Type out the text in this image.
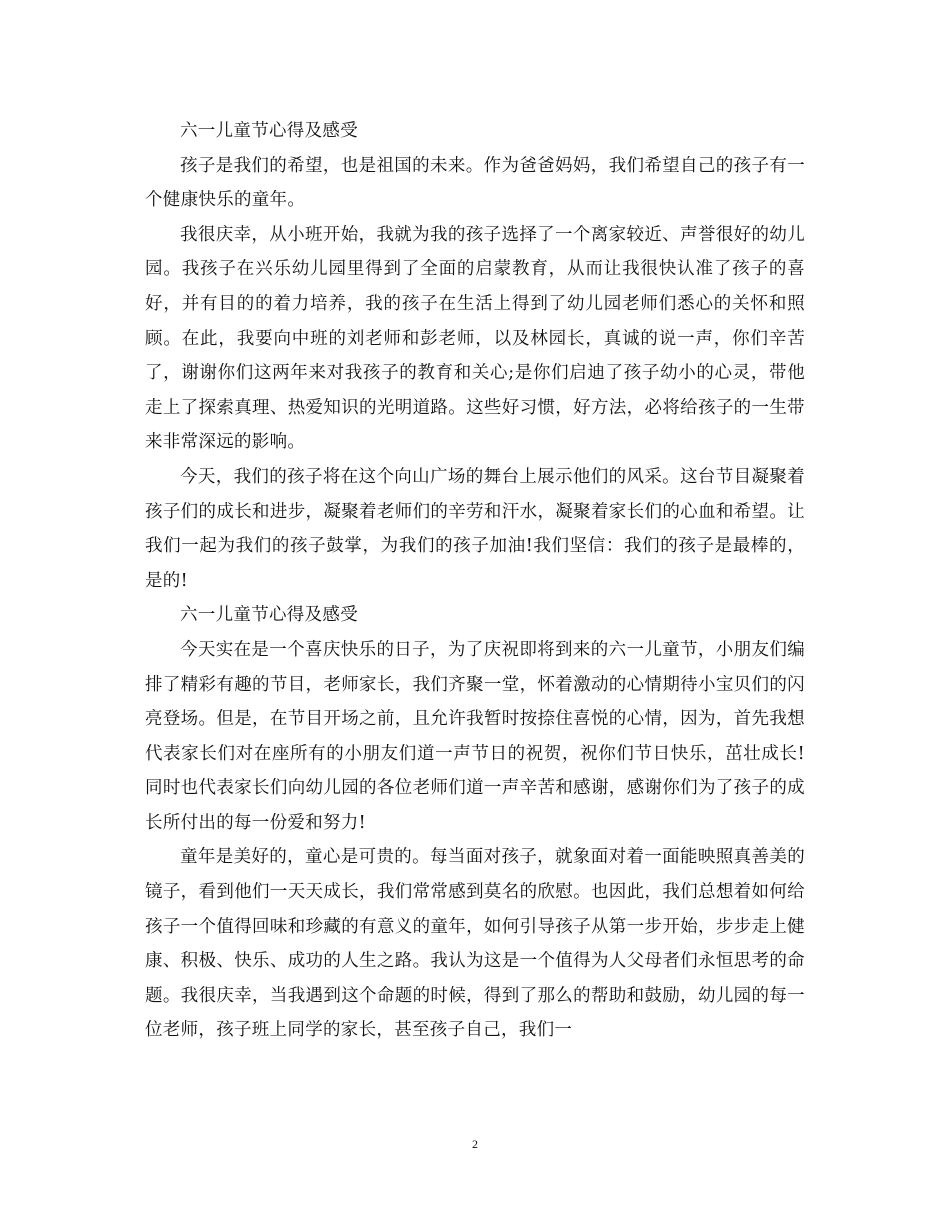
六一儿童节心得及感受

孩子是我们的希望，也是祖国的未来。作为爸爸妈妈，我们希望自己的孩子有一个健康快乐的童年。

我很庆幸，从小班开始，我就为我的孩子选择了一个离家较近、声誉很好的幼儿园。我孩子在兴乐幼儿园里得到了全面的启蒙教育，从而让我很快认准了孩子的喜好，并有目的的着力培养，我的孩子在生活上得到了幼儿园老师们悉心的关怀和照顾。在此，我要向中班的刘老师和彭老师，以及林园长，真诚的说一声，你们辛苦了，谢谢你们这两年来对我孩子的教育和关心;是你们启迪了孩子幼小的心灵，带他走上了探索真理、热爱知识的光明道路。这些好习惯，好方法，必将给孩子的一生带来非常深远的影响。

今天，我们的孩子将在这个向山广场的舞台上展示他们的风采。这台节目凝聚着孩子们的成长和进步，凝聚着老师们的辛劳和汗水，凝聚着家长们的心血和希望。让我们一起为我们的孩子鼓掌，为我们的孩子加油!我们坚信：我们的孩子是最棒的，是的!

六一儿童节心得及感受

今天实在是一个喜庆快乐的日子，为了庆祝即将到来的六一儿童节，小朋友们编排了精彩有趣的节目，老师家长，我们齐聚一堂，怀着激动的心情期待小宝贝们的闪亮登场。但是，在节目开场之前，且允许我暂时按捺住喜悦的心情，因为，首先我想代表家长们对在座所有的小朋友们道一声节日的祝贺，祝你们节日快乐，茁壮成长!同时也代表家长们向幼儿园的各位老师们道一声辛苦和感谢，感谢你们为了孩子的成长所付出的每一份爱和努力!

童年是美好的，童心是可贵的。每当面对孩子，就象面对着一面能映照真善美的镜子，看到他们一天天成长，我们常常感到莫名的欣慰。也因此，我们总想着如何给孩子一个值得回味和珍藏的有意义的童年，如何引导孩子从第一步开始，步步走上健康、积极、快乐、成功的人生之路。我认为这是一个值得为人父母者们永恒思考的命题。我很庆幸，当我遇到这个命题的时候，得到了那么的帮助和鼓励，幼儿园的每一位老师，孩子班上同学的家长，甚至孩子自己，我们一

2
